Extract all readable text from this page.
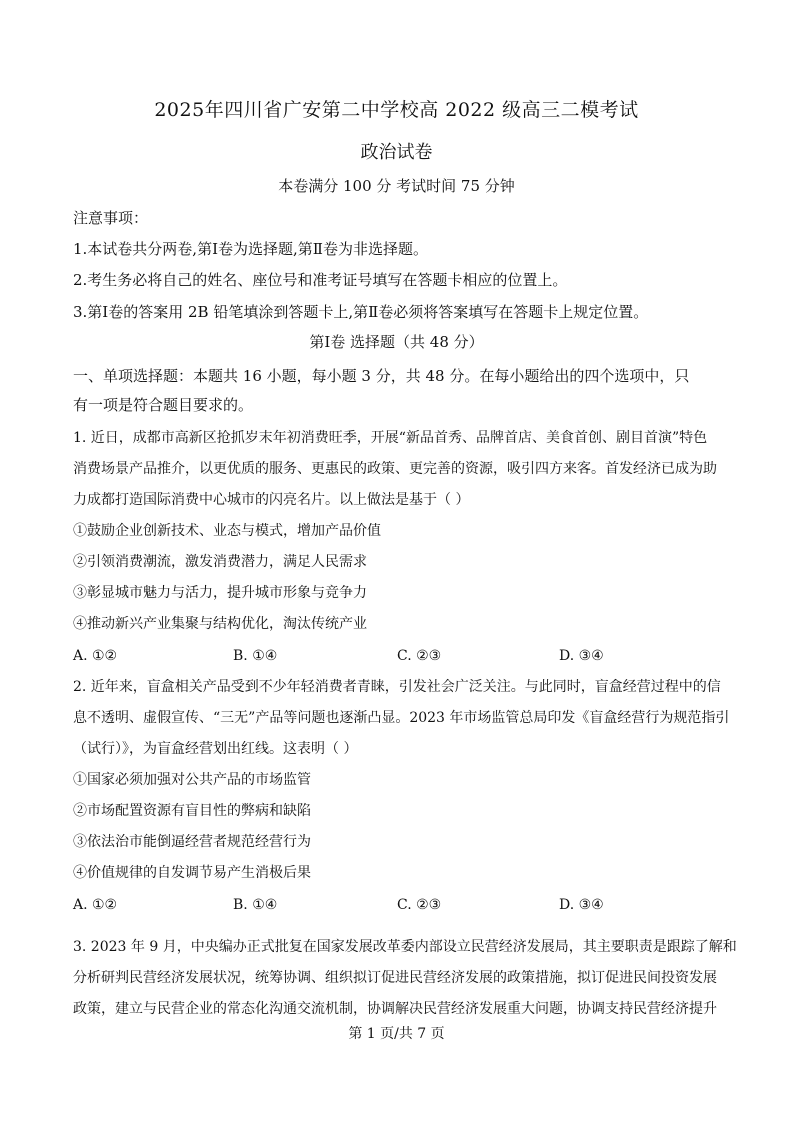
2025年四川省广安第二中学校高 2022 级高三二模考试
政治试卷
本卷满分 100 分 考试时间 75 分钟
注意事项：
1.本试卷共分两卷,第Ⅰ卷为选择题,第Ⅱ卷为非选择题。
2.考生务必将自己的姓名、座位号和准考证号填写在答题卡相应的位置上。
3.第Ⅰ卷的答案用 2B 铅笔填涂到答题卡上,第Ⅱ卷必须将答案填写在答题卡上规定位置。
第Ⅰ卷 选择题（共 48 分）
一、单项选择题：本题共 16 小题，每小题 3 分，共 48 分。在每小题给出的四个选项中，只
有一项是符合题目要求的。
1. 近日，成都市高新区抢抓岁末年初消费旺季，开展“新品首秀、品牌首店、美食首创、剧目首演”特色
消费场景产品推介，以更优质的服务、更惠民的政策、更完善的资源，吸引四方来客。首发经济已成为助
力成都打造国际消费中心城市的闪亮名片。以上做法是基于（ ）
①鼓励企业创新技术、业态与模式，增加产品价值
②引领消费潮流，激发消费潜力，满足人民需求
③彰显城市魅力与活力，提升城市形象与竞争力
④推动新兴产业集聚与结构优化，淘汰传统产业
A. ①②	B. ①④	C. ②③	D. ③④
2. 近年来，盲盒相关产品受到不少年轻消费者青睐，引发社会广泛关注。与此同时，盲盒经营过程中的信
息不透明、虚假宣传、“三无”产品等问题也逐渐凸显。2023 年市场监管总局印发《盲盒经营行为规范指引
（试行）》，为盲盒经营划出红线。这表明（ ）
①国家必须加强对公共产品的市场监管
②市场配置资源有盲目性的弊病和缺陷
③依法治市能倒逼经营者规范经营行为
④价值规律的自发调节易产生消极后果
A. ①②	B. ①④	C. ②③	D. ③④
3. 2023 年 9 月，中央编办正式批复在国家发展改革委内部设立民营经济发展局，其主要职责是跟踪了解和
分析研判民营经济发展状况，统筹协调、组织拟订促进民营经济发展的政策措施，拟订促进民间投资发展
政策，建立与民营企业的常态化沟通交流机制，协调解决民营经济发展重大问题，协调支持民营经济提升
第 1 页/共 7 页
